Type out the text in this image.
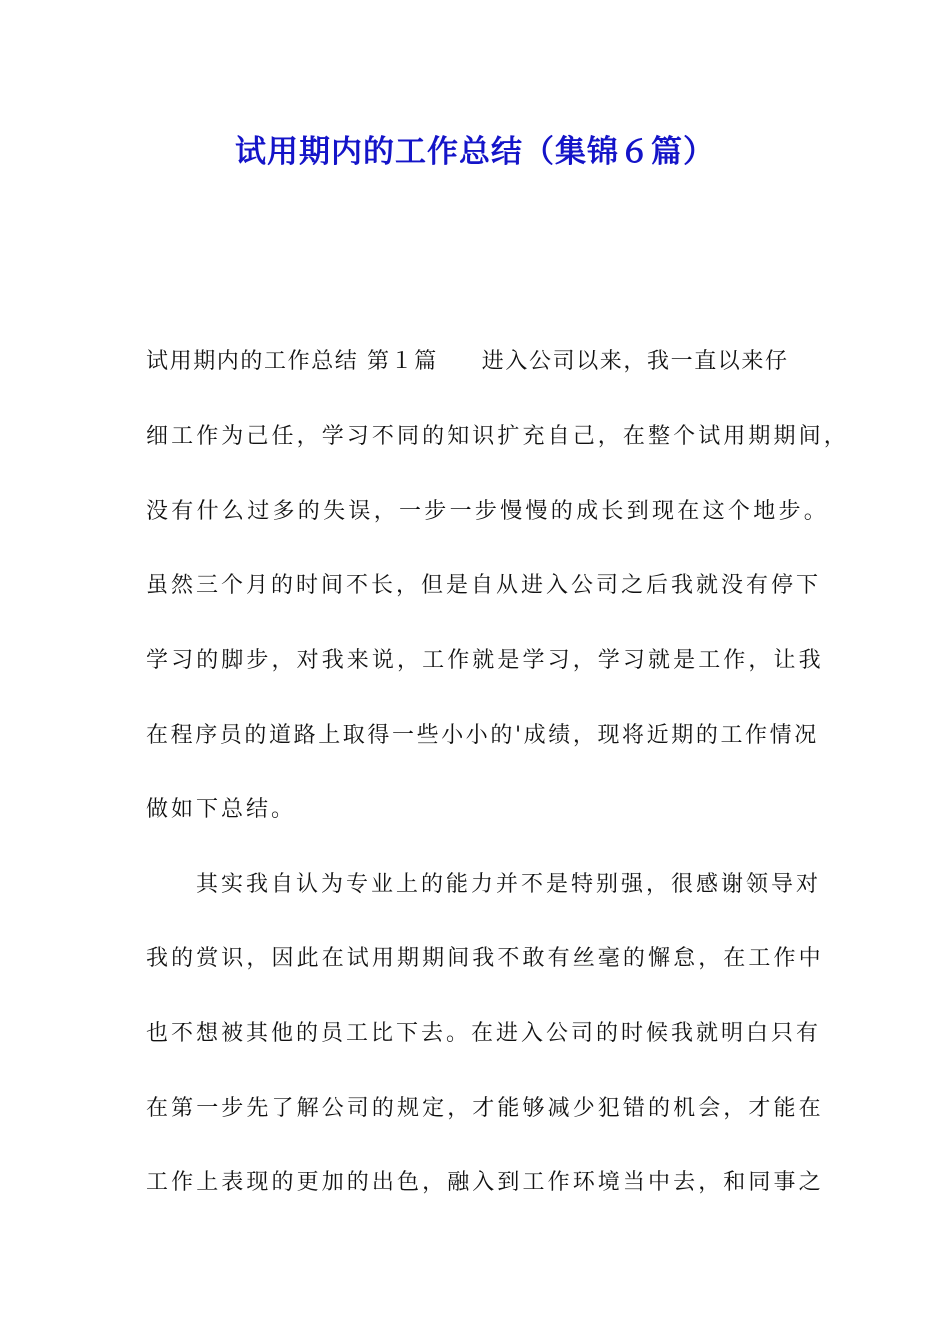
试用期内的工作总结（集锦６篇）
试用期内的工作总结 第１篇 进入公司以来，我一直以来仔
细工作为己任，学习不同的知识扩充自己，在整个试用期期间，
没有什么过多的失误，一步一步慢慢的成长到现在这个地步。
虽然三个月的时间不长，但是自从进入公司之后我就没有停下
学习的脚步，对我来说，工作就是学习，学习就是工作，让我
在程序员的道路上取得一些小小的'成绩，现将近期的工作情况
做如下总结。
其实我自认为专业上的能力并不是特别强，很感谢领导对
我的赏识，因此在试用期期间我不敢有丝毫的懈怠，在工作中
也不想被其他的员工比下去。在进入公司的时候我就明白只有
在第一步先了解公司的规定，才能够减少犯错的机会，才能在
工作上表现的更加的出色，融入到工作环境当中去，和同事之
